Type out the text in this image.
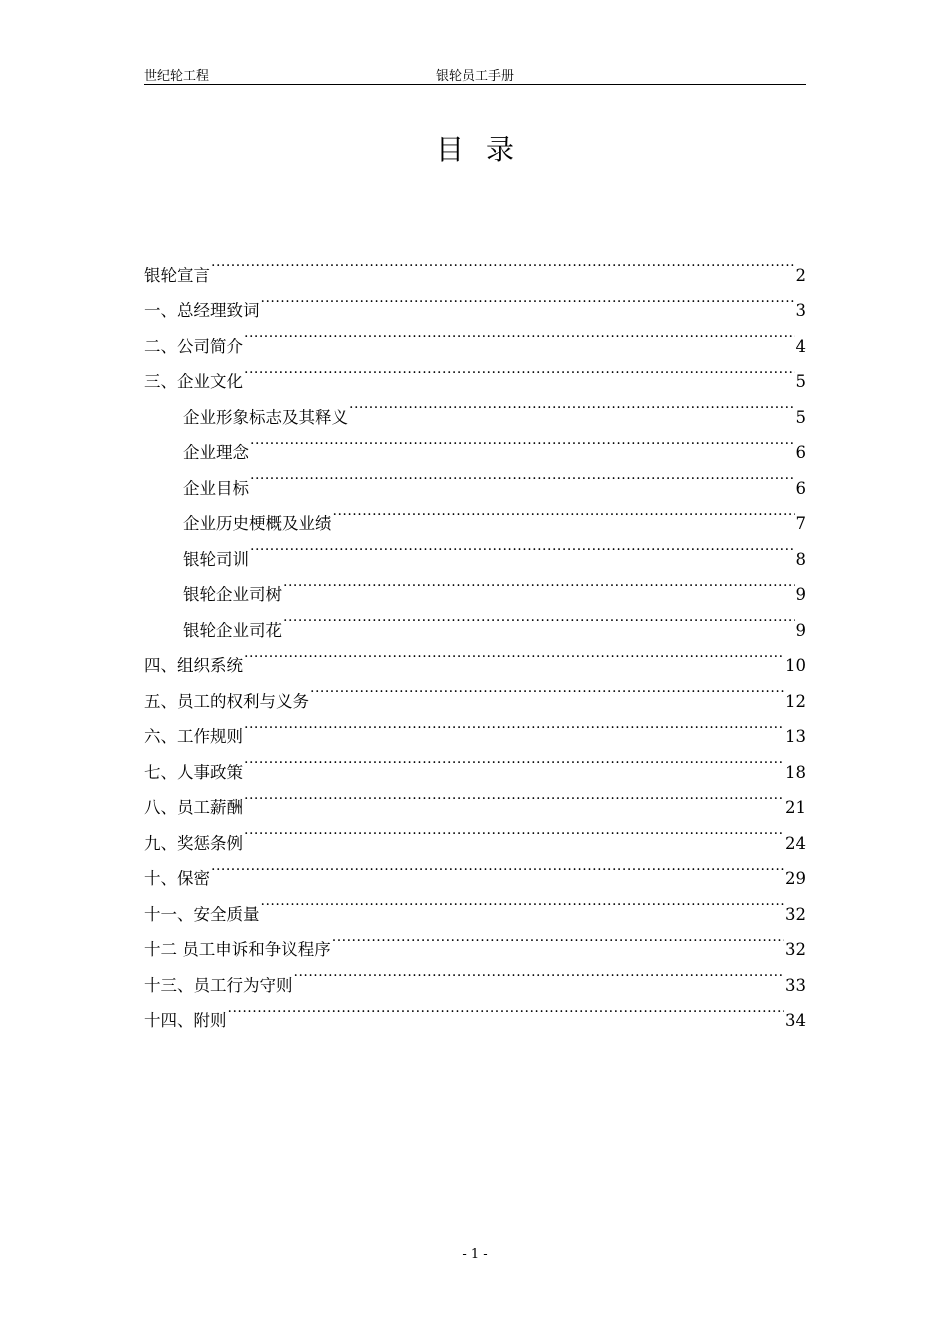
世纪轮工程	银轮员工手册
目录
银轮宣言 .....	2
一、总经理致词 .....	3
二、公司简介 .....	4
三、企业文化 .....	5
企业形象标志及其释义 .....	5
企业理念 .....	6
企业目标 .....	6
企业历史梗概及业绩 .....	7
银轮司训 .....	8
银轮企业司树 .....	9
银轮企业司花 .....	9
四、组织系统 .....	10
五、员工的权利与义务 .....	12
六、工作规则 .....	13
七、人事政策 .....	18
八、员工薪酬 .....	21
九、奖惩条例 .....	24
十、保密 .....	29
十一、安全质量 .....	32
十二 员工申诉和争议程序 .....	32
十三、员工行为守则 .....	33
十四、附则 .....	34
- 1 -
